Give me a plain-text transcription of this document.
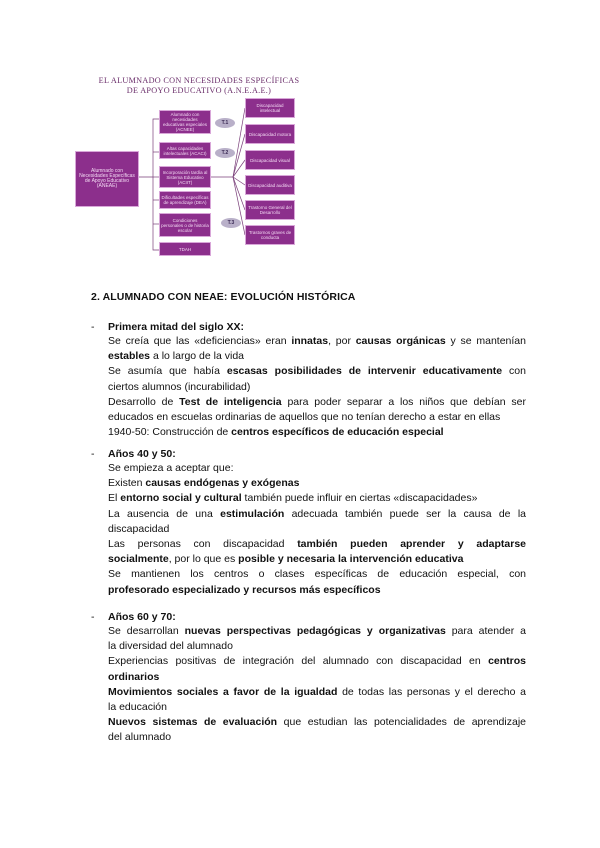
EL ALUMNADO CON NECESIDADES ESPECÍFICAS
DE APOYO EDUCATIVO (A.N.E.A.E.)
Alumnado con Necesidades Específicas de Apoyo Educativo (ANEAE)
Alumnado con necesidades educativas especiales (ACNEE)
Altas capacidades intelectuales (ACACI)
Incorporación tardía al Sistema Educativo (ACIIT)
Dificultades específicas de aprendizaje (DEA)
Condiciones personales o de historia escolar
TDAH
T.1
T.2
T.3
Discapacidad intelectual
Discapacidad motora
Discapacidad visual
Discapacidad auditiva
Trastorno General del Desarrollo
Trastornos graves de conducta
2. ALUMNADO CON NEAE: EVOLUCIÓN HISTÓRICA
- Primera mitad del siglo XX:
Se creía que las «deficiencias» eran innatas, por causas orgánicas y se mantenían
estables a lo largo de la vida
Se asumía que había escasas posibilidades de intervenir educativamente con
ciertos alumnos (incurabilidad)
Desarrollo de Test de inteligencia para poder separar a los niños que debían ser
educados en escuelas ordinarias de aquellos que no tenían derecho a estar en ellas
1940-50: Construcción de centros específicos de educación especial
- Años 40 y 50:
Se empieza a aceptar que:
Existen causas endógenas y exógenas
El entorno social y cultural también puede influir en ciertas «discapacidades»
La ausencia de una estimulación adecuada también puede ser la causa de la
discapacidad
Las personas con discapacidad también pueden aprender y adaptarse
socialmente, por lo que es posible y necesaria la intervención educativa
Se mantienen los centros o clases específicas de educación especial, con
profesorado especializado y recursos más específicos
- Años 60 y 70:
Se desarrollan nuevas perspectivas pedagógicas y organizativas para atender a
la diversidad del alumnado
Experiencias positivas de integración del alumnado con discapacidad en centros
ordinarios
Movimientos sociales a favor de la igualdad de todas las personas y el derecho a
la educación
Nuevos sistemas de evaluación que estudian las potencialidades de aprendizaje
del alumnado
